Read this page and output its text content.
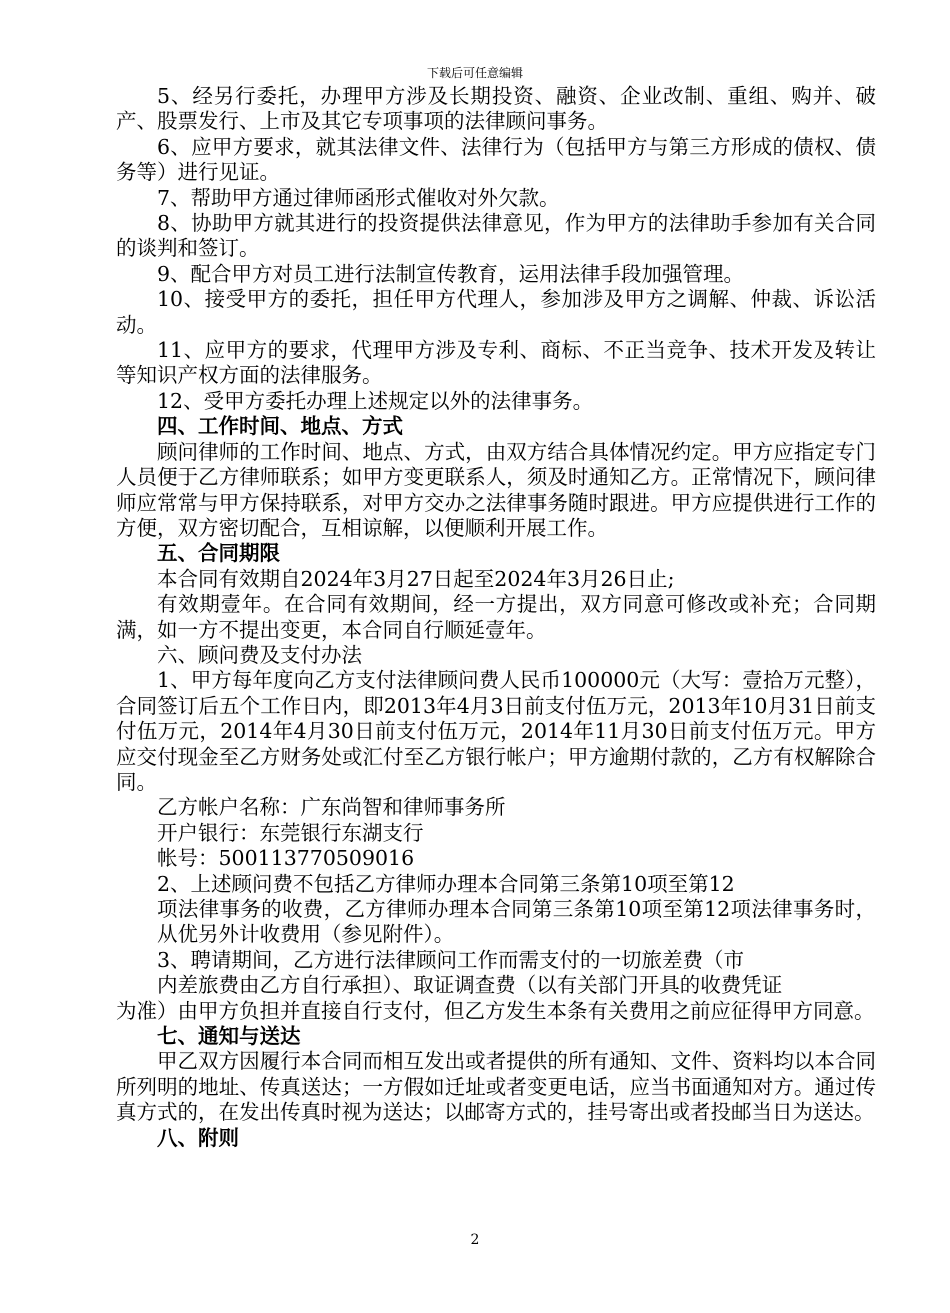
下载后可任意编辑

5、经另行委托，办理甲方涉及长期投资、融资、企业改制、重组、购并、破产、股票发行、上市及其它专项事项的法律顾问事务。

6、应甲方要求，就其法律文件、法律行为（包括甲方与第三方形成的债权、债务等）进行见证。

7、帮助甲方通过律师函形式催收对外欠款。

8、协助甲方就其进行的投资提供法律意见，作为甲方的法律助手参加有关合同的谈判和签订。

9、配合甲方对员工进行法制宣传教育，运用法律手段加强管理。

10、接受甲方的委托，担任甲方代理人，参加涉及甲方之调解、仲裁、诉讼活动。

11、应甲方的要求，代理甲方涉及专利、商标、不正当竞争、技术开发及转让等知识产权方面的法律服务。

12、受甲方委托办理上述规定以外的法律事务。

四、工作时间、地点、方式

顾问律师的工作时间、地点、方式，由双方结合具体情况约定。甲方应指定专门人员便于乙方律师联系；如甲方变更联系人，须及时通知乙方。正常情况下，顾问律师应常常与甲方保持联系，对甲方交办之法律事务随时跟进。甲方应提供进行工作的方便，双方密切配合，互相谅解，以便顺利开展工作。

五、合同期限

本合同有效期自2024年3月27日起至2024年3月26日止;

有效期壹年。在合同有效期间，经一方提出，双方同意可修改或补充；合同期满，如一方不提出变更，本合同自行顺延壹年。

六、顾问费及支付办法

1、甲方每年度向乙方支付法律顾问费人民币100000元（大写：壹拾万元整），合同签订后五个工作日内，即2013年4月3日前支付伍万元，2013年10月31日前支付伍万元，2014年4月30日前支付伍万元，2014年11月30日前支付伍万元。甲方应交付现金至乙方财务处或汇付至乙方银行帐户；甲方逾期付款的，乙方有权解除合同。

乙方帐户名称：广东尚智和律师事务所

开户银行：东莞银行东湖支行

帐号：500113770509016

2、上述顾问费不包括乙方律师办理本合同第三条第10项至第12

项法律事务的收费，乙方律师办理本合同第三条第10项至第12项法律事务时，从优另外计收费用（参见附件）。

3、聘请期间，乙方进行法律顾问工作而需支付的一切旅差费（市

内差旅费由乙方自行承担）、取证调查费（以有关部门开具的收费凭证

为准）由甲方负担并直接自行支付，但乙方发生本条有关费用之前应征得甲方同意。

七、通知与送达

甲乙双方因履行本合同而相互发出或者提供的所有通知、文件、资料均以本合同所列明的地址、传真送达；一方假如迁址或者变更电话，应当书面通知对方。通过传真方式的，在发出传真时视为送达；以邮寄方式的，挂号寄出或者投邮当日为送达。

八、附则

2
